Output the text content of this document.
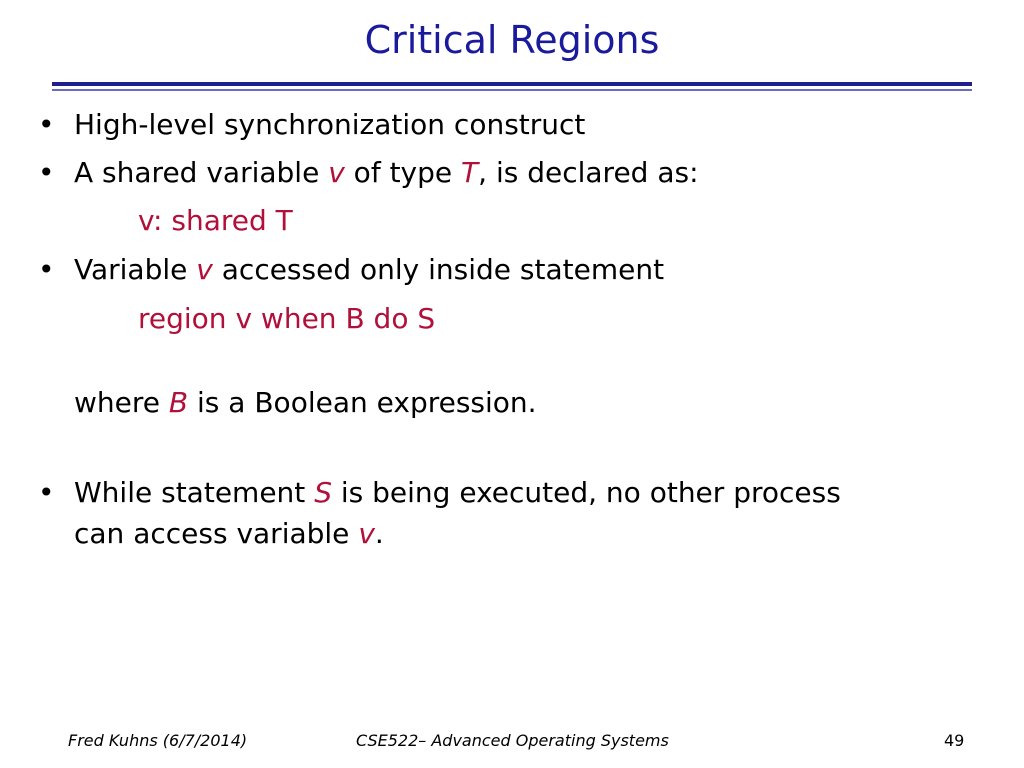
Critical Regions
• High-level synchronization construct
• A shared variable v of type T, is declared as:
v: shared T
• Variable v accessed only inside statement
region v when B do S
where B is a Boolean expression.
• While statement S is being executed, no other process
can access variable v.
Fred Kuhns (6/7/2014)	CSE522– Advanced Operating Systems	49
